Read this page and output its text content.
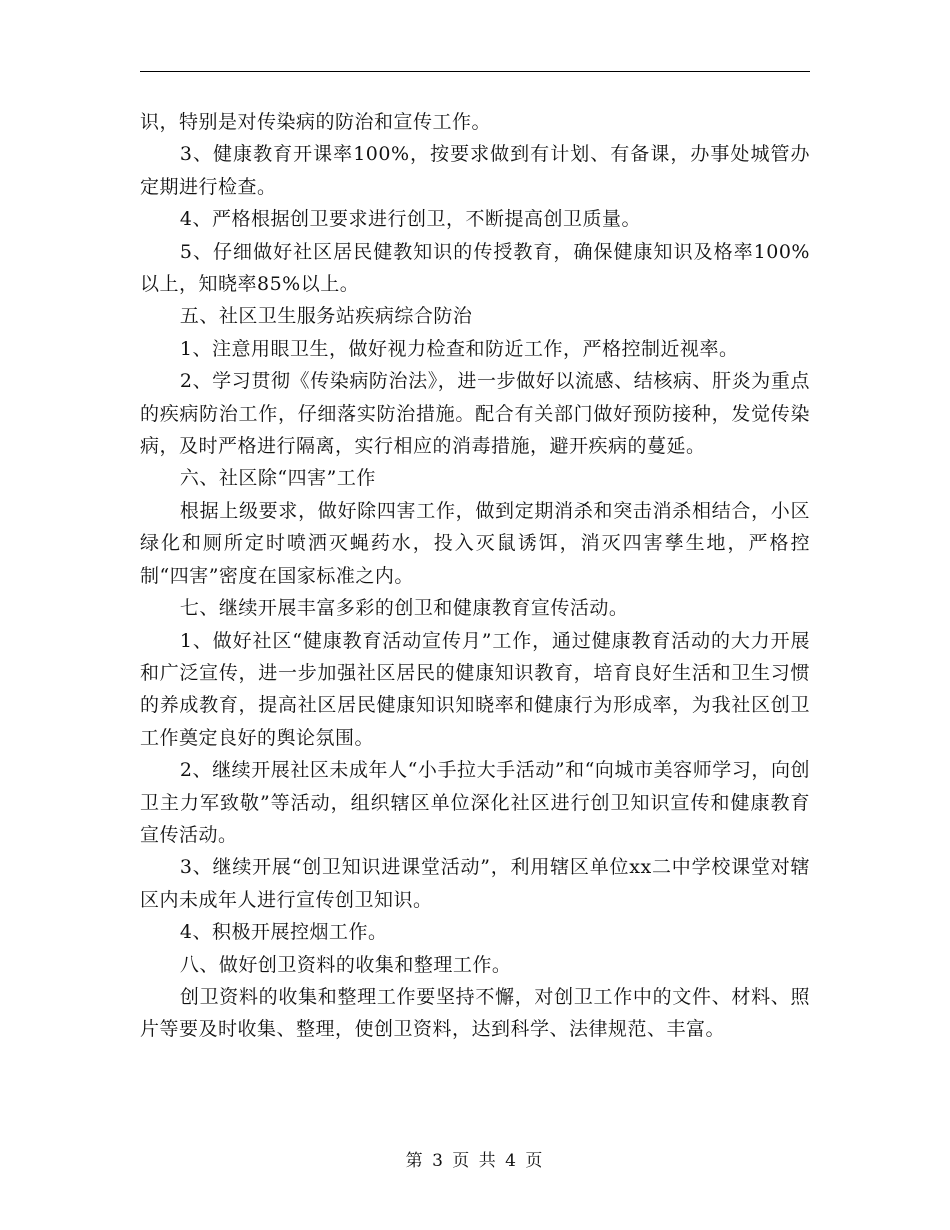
识，特别是对传染病的防治和宣传工作。

3、健康教育开课率100%，按要求做到有计划、有备课，办事处城管办定期进行检查。

4、严格根据创卫要求进行创卫，不断提高创卫质量。

5、仔细做好社区居民健教知识的传授教育，确保健康知识及格率100%以上，知晓率85%以上。

五、社区卫生服务站疾病综合防治

1、注意用眼卫生，做好视力检查和防近工作，严格控制近视率。

2、学习贯彻《传染病防治法》，进一步做好以流感、结核病、肝炎为重点的疾病防治工作，仔细落实防治措施。配合有关部门做好预防接种，发觉传染病，及时严格进行隔离，实行相应的消毒措施，避开疾病的蔓延。

六、社区除“四害”工作

根据上级要求，做好除四害工作，做到定期消杀和突击消杀相结合，小区绿化和厕所定时喷洒灭蝇药水，投入灭鼠诱饵，消灭四害孳生地，严格控制“四害”密度在国家标准之内。

七、继续开展丰富多彩的创卫和健康教育宣传活动。

1、做好社区“健康教育活动宣传月”工作，通过健康教育活动的大力开展和广泛宣传，进一步加强社区居民的健康知识教育，培育良好生活和卫生习惯的养成教育，提高社区居民健康知识知晓率和健康行为形成率，为我社区创卫工作奠定良好的舆论氛围。

2、继续开展社区未成年人“小手拉大手活动”和“向城市美容师学习，向创卫主力军致敬”等活动，组织辖区单位深化社区进行创卫知识宣传和健康教育宣传活动。

3、继续开展“创卫知识进课堂活动”，利用辖区单位xx二中学校课堂对辖区内未成年人进行宣传创卫知识。

4、积极开展控烟工作。

八、做好创卫资料的收集和整理工作。

创卫资料的收集和整理工作要坚持不懈，对创卫工作中的文件、材料、照片等要及时收集、整理，使创卫资料，达到科学、法律规范、丰富。

第 3 页 共 4 页
